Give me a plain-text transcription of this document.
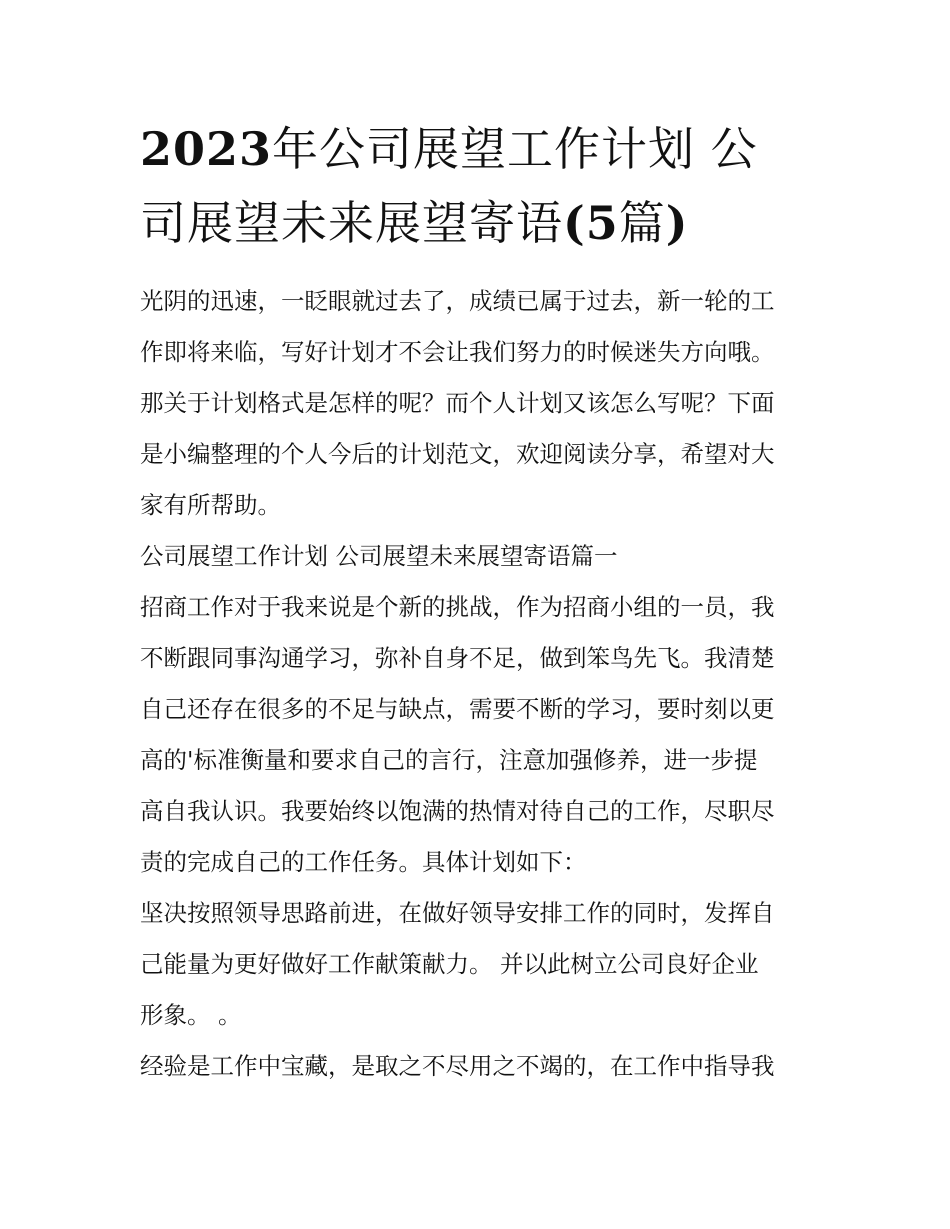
2023年公司展望工作计划 公
司展望未来展望寄语(5篇)
光阴的迅速，一眨眼就过去了，成绩已属于过去，新一轮的工
作即将来临，写好计划才不会让我们努力的时候迷失方向哦。
那关于计划格式是怎样的呢？而个人计划又该怎么写呢？下面
是小编整理的个人今后的计划范文，欢迎阅读分享，希望对大
家有所帮助。
公司展望工作计划 公司展望未来展望寄语篇一
招商工作对于我来说是个新的挑战，作为招商小组的一员，我
不断跟同事沟通学习，弥补自身不足，做到笨鸟先飞。我清楚
自己还存在很多的不足与缺点，需要不断的学习，要时刻以更
高的'标准衡量和要求自己的言行，注意加强修养，进一步提
高自我认识。我要始终以饱满的热情对待自己的工作，尽职尽
责的完成自己的工作任务。具体计划如下：
坚决按照领导思路前进，在做好领导安排工作的同时，发挥自
己能量为更好做好工作献策献力。 并以此树立公司良好企业
形象。 。
经验是工作中宝藏，是取之不尽用之不竭的，在工作中指导我
